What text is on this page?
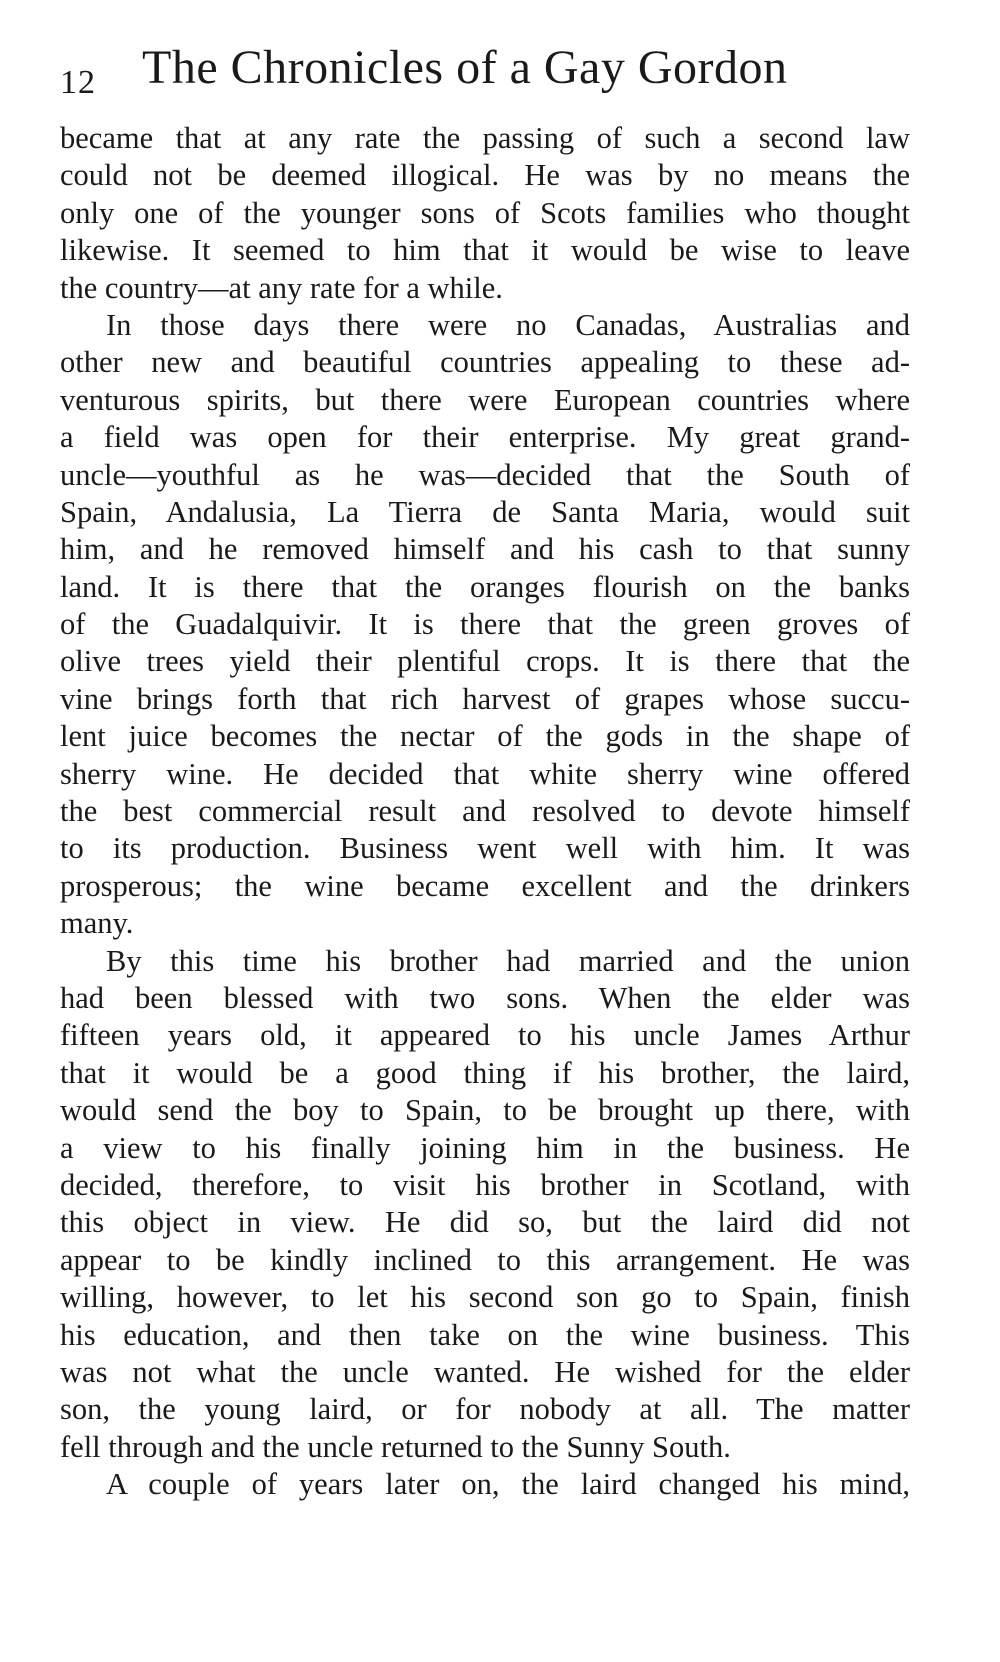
12 The Chronicles of a Gay Gordon
became that at any rate the passing of such a second law
could not be deemed illogical. He was by no means the
only one of the younger sons of Scots families who thought
likewise. It seemed to him that it would be wise to leave
the country—at any rate for a while.
In those days there were no Canadas, Australias and
other new and beautiful countries appealing to these ad-
venturous spirits, but there were European countries where
a field was open for their enterprise. My great grand-
uncle—youthful as he was—decided that the South of
Spain, Andalusia, La Tierra de Santa Maria, would suit
him, and he removed himself and his cash to that sunny
land. It is there that the oranges flourish on the banks
of the Guadalquivir. It is there that the green groves of
olive trees yield their plentiful crops. It is there that the
vine brings forth that rich harvest of grapes whose succu-
lent juice becomes the nectar of the gods in the shape of
sherry wine. He decided that white sherry wine offered
the best commercial result and resolved to devote himself
to its production. Business went well with him. It was
prosperous; the wine became excellent and the drinkers
many.
By this time his brother had married and the union
had been blessed with two sons. When the elder was
fifteen years old, it appeared to his uncle James Arthur
that it would be a good thing if his brother, the laird,
would send the boy to Spain, to be brought up there, with
a view to his finally joining him in the business. He
decided, therefore, to visit his brother in Scotland, with
this object in view. He did so, but the laird did not
appear to be kindly inclined to this arrangement. He was
willing, however, to let his second son go to Spain, finish
his education, and then take on the wine business. This
was not what the uncle wanted. He wished for the elder
son, the young laird, or for nobody at all. The matter
fell through and the uncle returned to the Sunny South.
A couple of years later on, the laird changed his mind,
